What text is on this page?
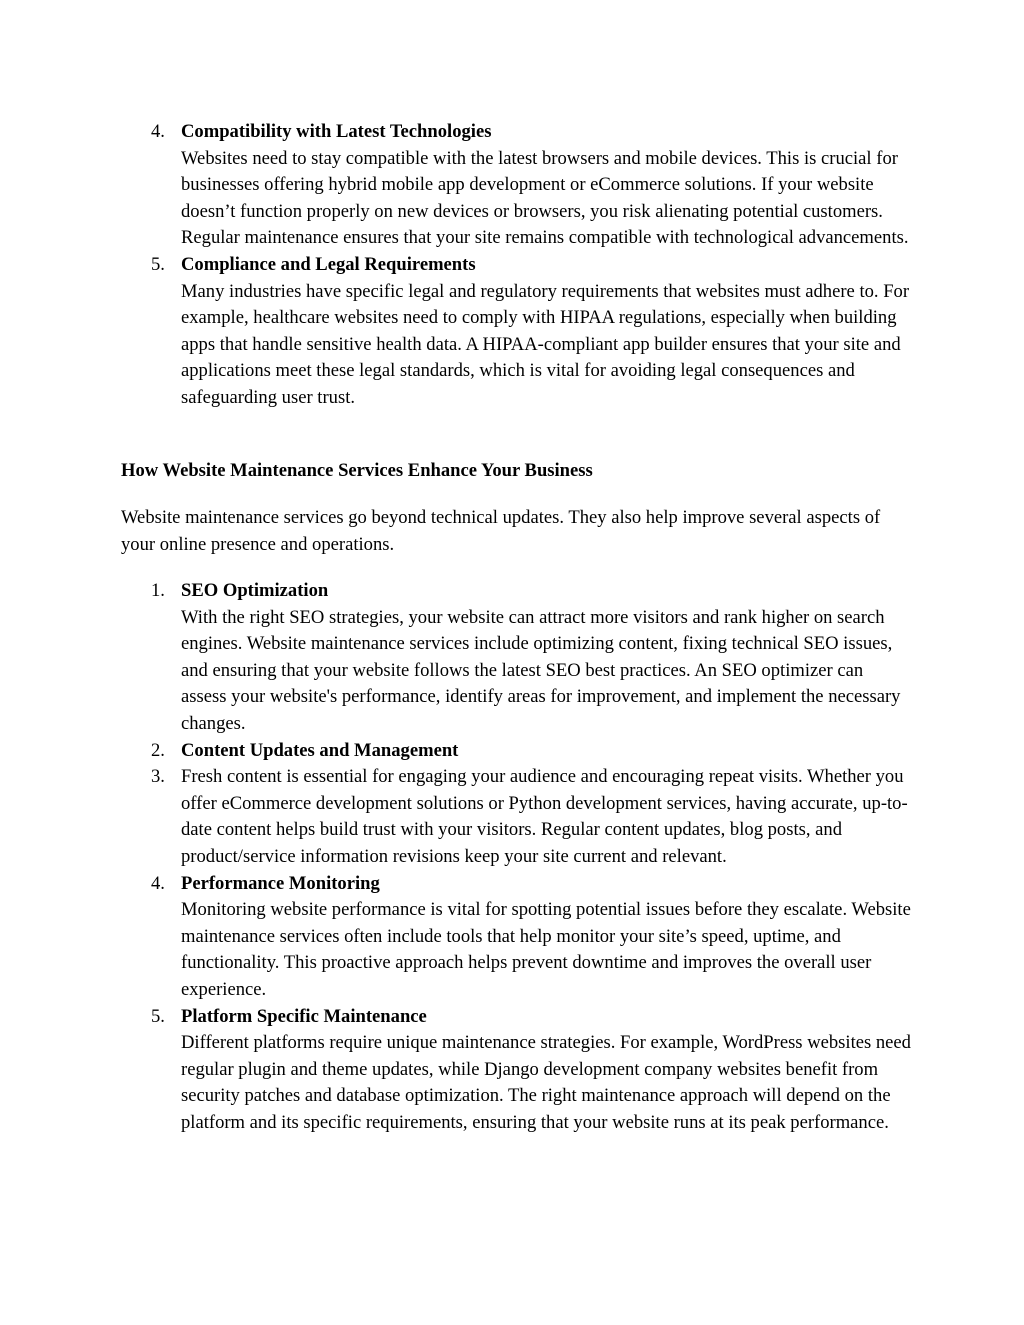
4. Compatibility with Latest Technologies
Websites need to stay compatible with the latest browsers and mobile devices. This is crucial for businesses offering hybrid mobile app development or eCommerce solutions. If your website doesn’t function properly on new devices or browsers, you risk alienating potential customers. Regular maintenance ensures that your site remains compatible with technological advancements.
5. Compliance and Legal Requirements
Many industries have specific legal and regulatory requirements that websites must adhere to. For example, healthcare websites need to comply with HIPAA regulations, especially when building apps that handle sensitive health data. A HIPAA-compliant app builder ensures that your site and applications meet these legal standards, which is vital for avoiding legal consequences and safeguarding user trust.
How Website Maintenance Services Enhance Your Business

Website maintenance services go beyond technical updates. They also help improve several aspects of your online presence and operations.

1. SEO Optimization
With the right SEO strategies, your website can attract more visitors and rank higher on search engines. Website maintenance services include optimizing content, fixing technical SEO issues, and ensuring that your website follows the latest SEO best practices. An SEO optimizer can assess your website's performance, identify areas for improvement, and implement the necessary changes.
2. Content Updates and Management
3. Fresh content is essential for engaging your audience and encouraging repeat visits. Whether you offer eCommerce development solutions or Python development services, having accurate, up-to-date content helps build trust with your visitors. Regular content updates, blog posts, and product/service information revisions keep your site current and relevant.
4. Performance Monitoring
Monitoring website performance is vital for spotting potential issues before they escalate. Website maintenance services often include tools that help monitor your site’s speed, uptime, and functionality. This proactive approach helps prevent downtime and improves the overall user experience.
5. Platform Specific Maintenance
Different platforms require unique maintenance strategies. For example, WordPress websites need regular plugin and theme updates, while Django development company websites benefit from security patches and database optimization. The right maintenance approach will depend on the platform and its specific requirements, ensuring that your website runs at its peak performance.
